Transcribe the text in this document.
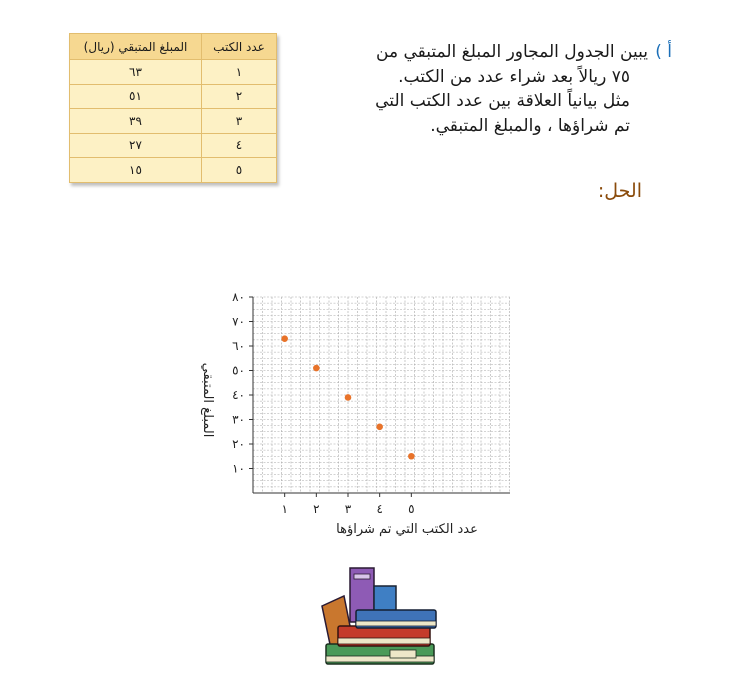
عدد الكتب	المبلغ المتبقي (ريال)
١	٦٣
٢	٥١
٣	٣٩
٤	٢٧
٥	١٥
أ )
يبين الجدول المجاور المبلغ المتبقي من
٧٥ ريالاً بعد شراء عدد من الكتب.
مثل بيانياً العلاقة بين عدد الكتب التي
تم شراؤها ، والمبلغ المتبقي.
الحل:
١٠
٢٠
٣٠
٤٠
٥٠
٦٠
٧٠
٨٠
١ ٢ ٣ ٤ ٥
عدد الكتب التي تم شراؤها
المبلغ المتبقي
